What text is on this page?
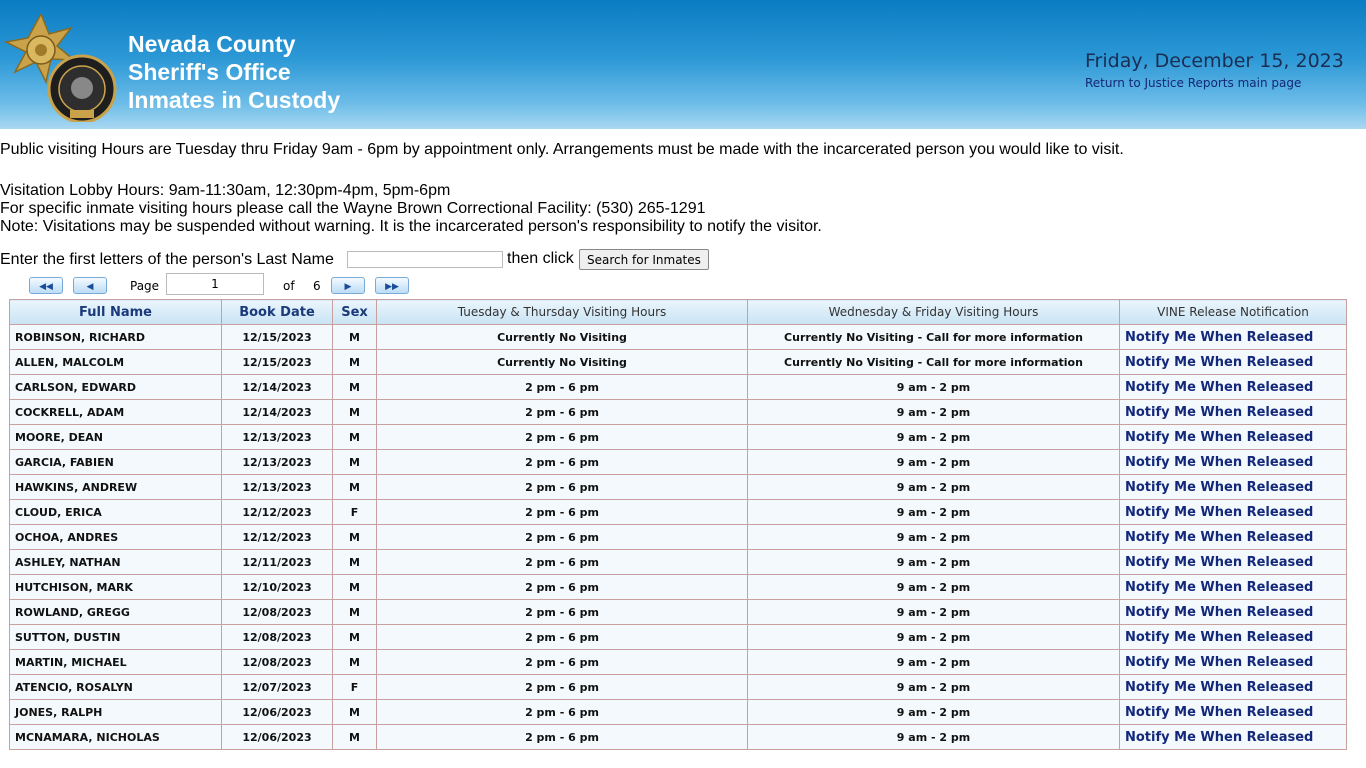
Nevada County
Sheriff's Office
Inmates in Custody
Friday, December 15, 2023
Return to Justice Reports main page
Public visiting Hours are Tuesday thru Friday 9am - 6pm by appointment only. Arrangements must be made with the incarcerated person you would like to visit.
Visitation Lobby Hours: 9am-11:30am, 12:30pm-4pm, 5pm-6pm
For specific inmate visiting hours please call the Wayne Brown Correctional Facility: (530) 265-1291
Note: Visitations may be suspended without warning. It is the incarcerated person's responsibility to notify the visitor.
Enter the first letters of the person's Last Name	then click	Search for Inmates
◀◀	◀	Page
1	of 6	▶	▶▶
Full Name	Book Date	Sex	Tuesday & Thursday Visiting Hours	Wednesday & Friday Visiting Hours	VINE Release Notification
ROBINSON, RICHARD	12/15/2023	M	Currently No Visiting	Currently No Visiting - Call for more information	Notify Me When Released
ALLEN, MALCOLM	12/15/2023	M	Currently No Visiting	Currently No Visiting - Call for more information	Notify Me When Released
CARLSON, EDWARD	12/14/2023	M	2 pm - 6 pm	9 am - 2 pm	Notify Me When Released
COCKRELL, ADAM	12/14/2023	M	2 pm - 6 pm	9 am - 2 pm	Notify Me When Released
MOORE, DEAN	12/13/2023	M	2 pm - 6 pm	9 am - 2 pm	Notify Me When Released
GARCIA, FABIEN	12/13/2023	M	2 pm - 6 pm	9 am - 2 pm	Notify Me When Released
HAWKINS, ANDREW	12/13/2023	M	2 pm - 6 pm	9 am - 2 pm	Notify Me When Released
CLOUD, ERICA	12/12/2023	F	2 pm - 6 pm	9 am - 2 pm	Notify Me When Released
OCHOA, ANDRES	12/12/2023	M	2 pm - 6 pm	9 am - 2 pm	Notify Me When Released
ASHLEY, NATHAN	12/11/2023	M	2 pm - 6 pm	9 am - 2 pm	Notify Me When Released
HUTCHISON, MARK	12/10/2023	M	2 pm - 6 pm	9 am - 2 pm	Notify Me When Released
ROWLAND, GREGG	12/08/2023	M	2 pm - 6 pm	9 am - 2 pm	Notify Me When Released
SUTTON, DUSTIN	12/08/2023	M	2 pm - 6 pm	9 am - 2 pm	Notify Me When Released
MARTIN, MICHAEL	12/08/2023	M	2 pm - 6 pm	9 am - 2 pm	Notify Me When Released
ATENCIO, ROSALYN	12/07/2023	F	2 pm - 6 pm	9 am - 2 pm	Notify Me When Released
JONES, RALPH	12/06/2023	M	2 pm - 6 pm	9 am - 2 pm	Notify Me When Released
MCNAMARA, NICHOLAS	12/06/2023	M	2 pm - 6 pm	9 am - 2 pm	Notify Me When Released
